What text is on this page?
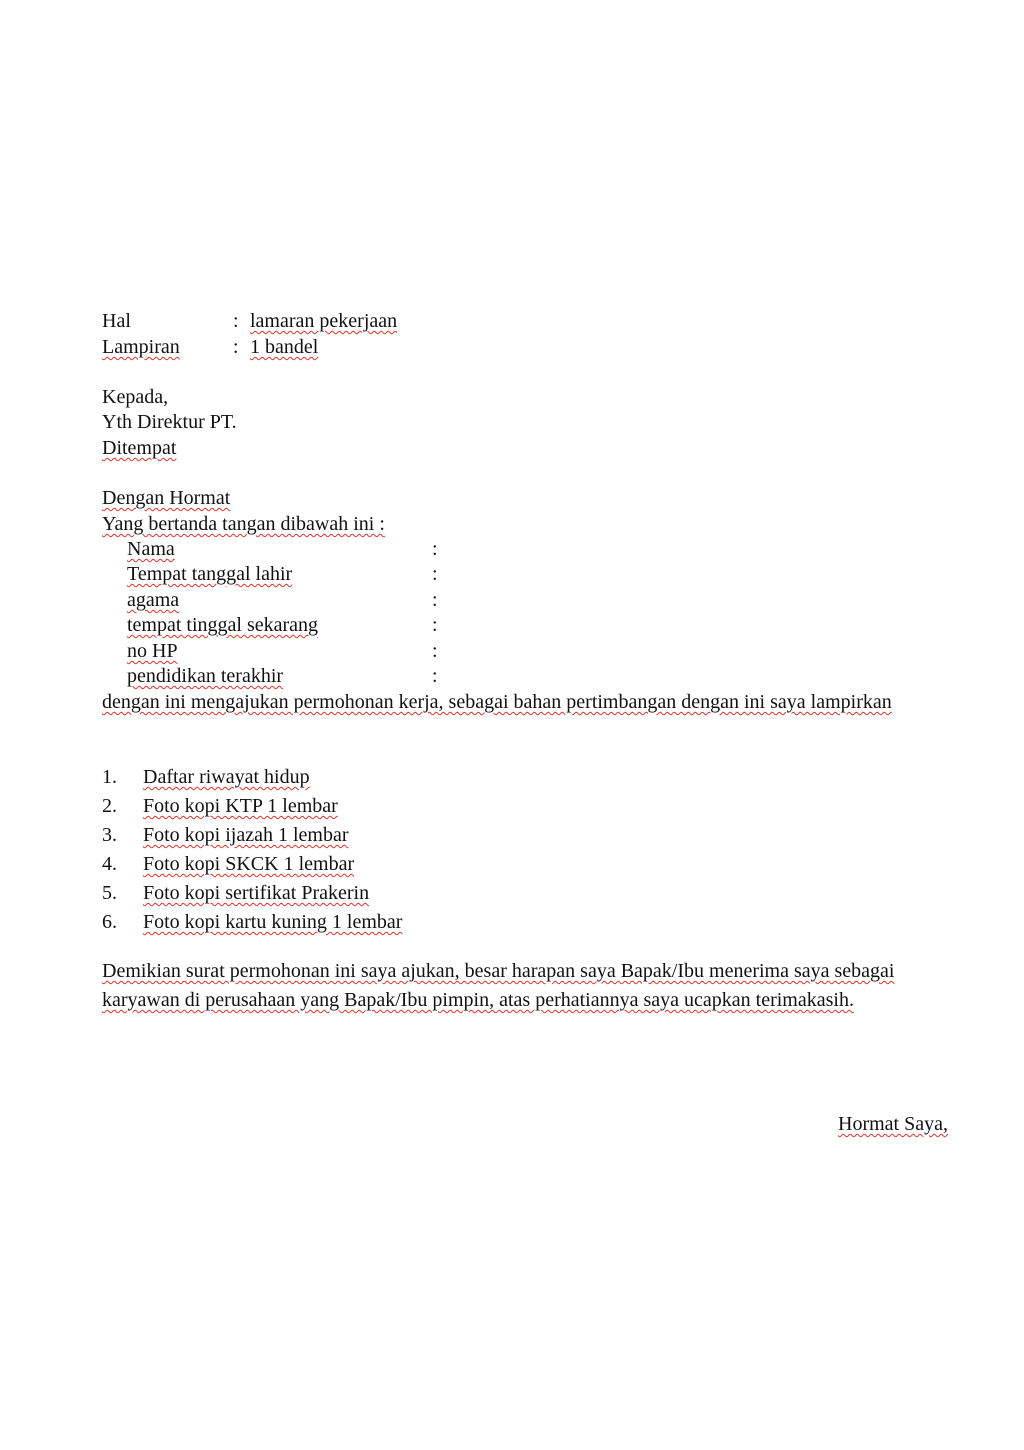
Hal	: lamaran pekerjaan
Lampiran	: 1 bandel
Kepada,
Yth Direktur PT.
Ditempat
Dengan Hormat
Yang bertanda tangan dibawah ini :
Nama	:
Tempat tanggal lahir	:
agama	:
tempat tinggal sekarang	:
no HP	:
pendidikan terakhir	:
dengan ini mengajukan permohonan kerja, sebagai bahan pertimbangan dengan ini saya lampirkan
1. Daftar riwayat hidup
2. Foto kopi KTP 1 lembar
3. Foto kopi ijazah 1 lembar
4. Foto kopi SKCK 1 lembar
5. Foto kopi sertifikat Prakerin
6. Foto kopi kartu kuning 1 lembar
Demikian surat permohonan ini saya ajukan, besar harapan saya Bapak/Ibu menerima saya sebagai karyawan di perusahaan yang Bapak/Ibu pimpin, atas perhatiannya saya ucapkan terimakasih.
Hormat Saya,
